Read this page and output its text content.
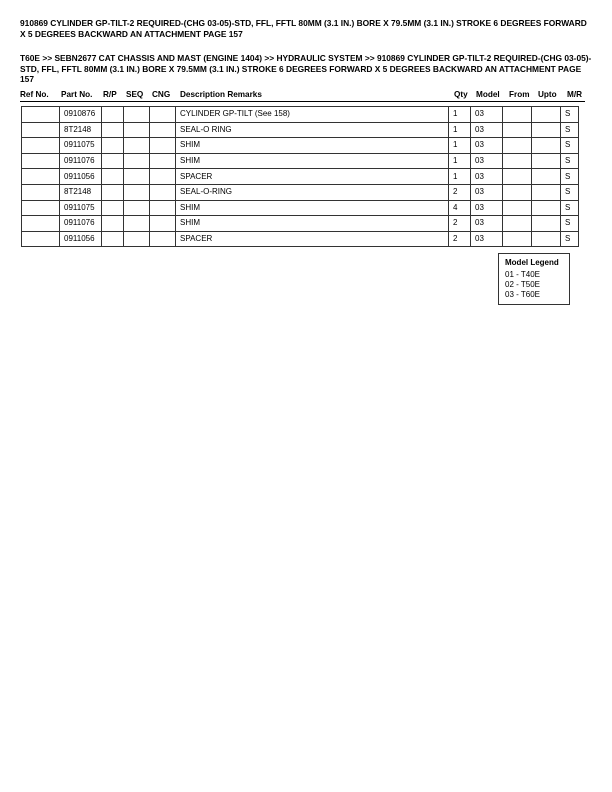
910869 CYLINDER GP-TILT-2 REQUIRED-(CHG 03-05)-STD, FFL, FFTL 80MM (3.1 IN.) BORE X 79.5MM (3.1 IN.) STROKE 6 DEGREES FORWARD X 5 DEGREES BACKWARD AN ATTACHMENT PAGE 157
T60E >> SEBN2677 CAT CHASSIS AND MAST (ENGINE 1404) >> HYDRAULIC SYSTEM >> 910869 CYLINDER GP-TILT-2 REQUIRED-(CHG 03-05)-STD, FFL, FFTL 80MM (3.1 IN.) BORE X 79.5MM (3.1 IN.) STROKE 6 DEGREES FORWARD X 5 DEGREES BACKWARD AN ATTACHMENT PAGE 157
Ref No. Part No. R/P SEQ CNG Description Remarks	Qty Model From Upto M/R
	0910876				CYLINDER GP-TILT (See 158)	1	03			S
	8T2148				SEAL-O RING	1	03			S
	0911075				SHIM	1	03			S
	0911076				SHIM	1	03			S
	0911056				SPACER	1	03			S
	8T2148				SEAL-O-RING	2	03			S
	0911075				SHIM	4	03			S
	0911076				SHIM	2	03			S
	0911056				SPACER	2	03			S
Model Legend
01 - T40E
02 - T50E
03 - T60E
